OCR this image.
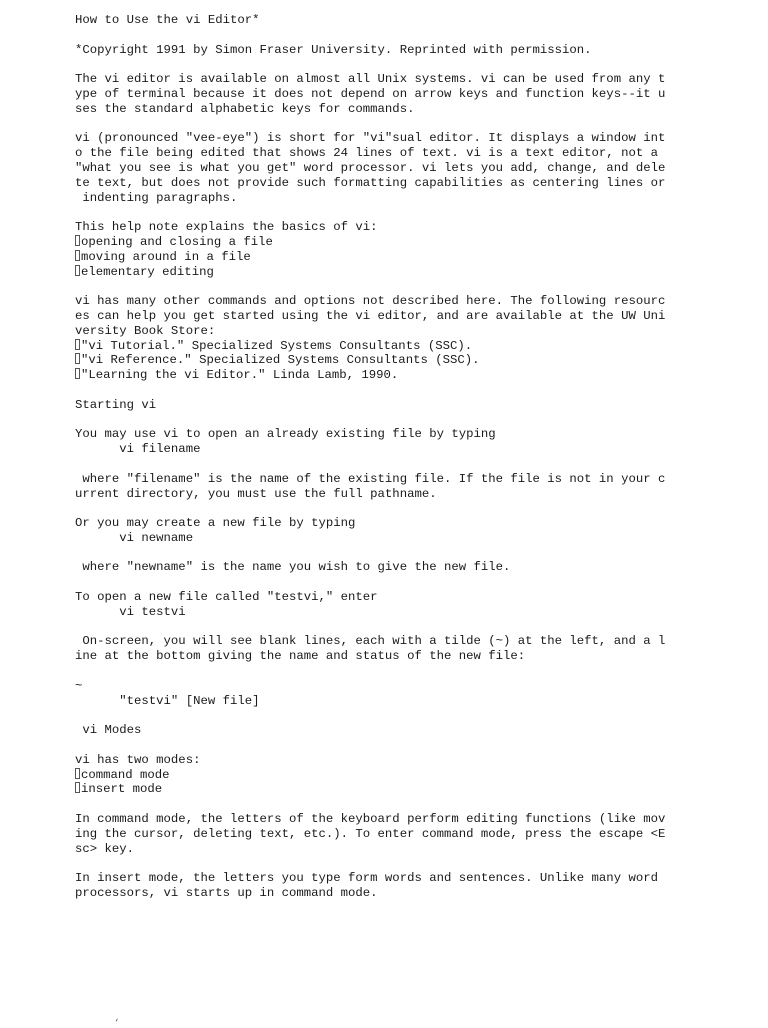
How to Use the vi Editor*
*Copyright 1991 by Simon Fraser University. Reprinted with permission.
The vi editor is available on almost all Unix systems. vi can be used from any t
ype of terminal because it does not depend on arrow keys and function keys--it u
ses the standard alphabetic keys for commands.
vi (pronounced "vee-eye") is short for "vi"sual editor. It displays a window int
o the file being edited that shows 24 lines of text. vi is a text editor, not a
"what you see is what you get" word processor. vi lets you add, change, and dele
te text, but does not provide such formatting capabilities as centering lines or
indenting paragraphs.
This help note explains the basics of vi:
opening and closing a file
moving around in a file
elementary editing
vi has many other commands and options not described here. The following resourc
es can help you get started using the vi editor, and are available at the UW Uni
versity Book Store:
"vi Tutorial." Specialized Systems Consultants (SSC).
"vi Reference." Specialized Systems Consultants (SSC).
"Learning the vi Editor." Linda Lamb, 1990.
Starting vi
You may use vi to open an already existing file by typing
vi filename
where "filename" is the name of the existing file. If the file is not in your c
urrent directory, you must use the full pathname.
Or you may create a new file by typing
vi newname
where "newname" is the name you wish to give the new file.
To open a new file called "testvi," enter
vi testvi
On-screen, you will see blank lines, each with a tilde (~) at the left, and a l
ine at the bottom giving the name and status of the new file:
~
"testvi" [New file]
vi Modes
vi has two modes:
command mode
insert mode
In command mode, the letters of the keyboard perform editing functions (like mov
ing the cursor, deleting text, etc.). To enter command mode, press the escape <E
sc> key.
In insert mode, the letters you type form words and sentences. Unlike many word
processors, vi starts up in command mode.
‘
